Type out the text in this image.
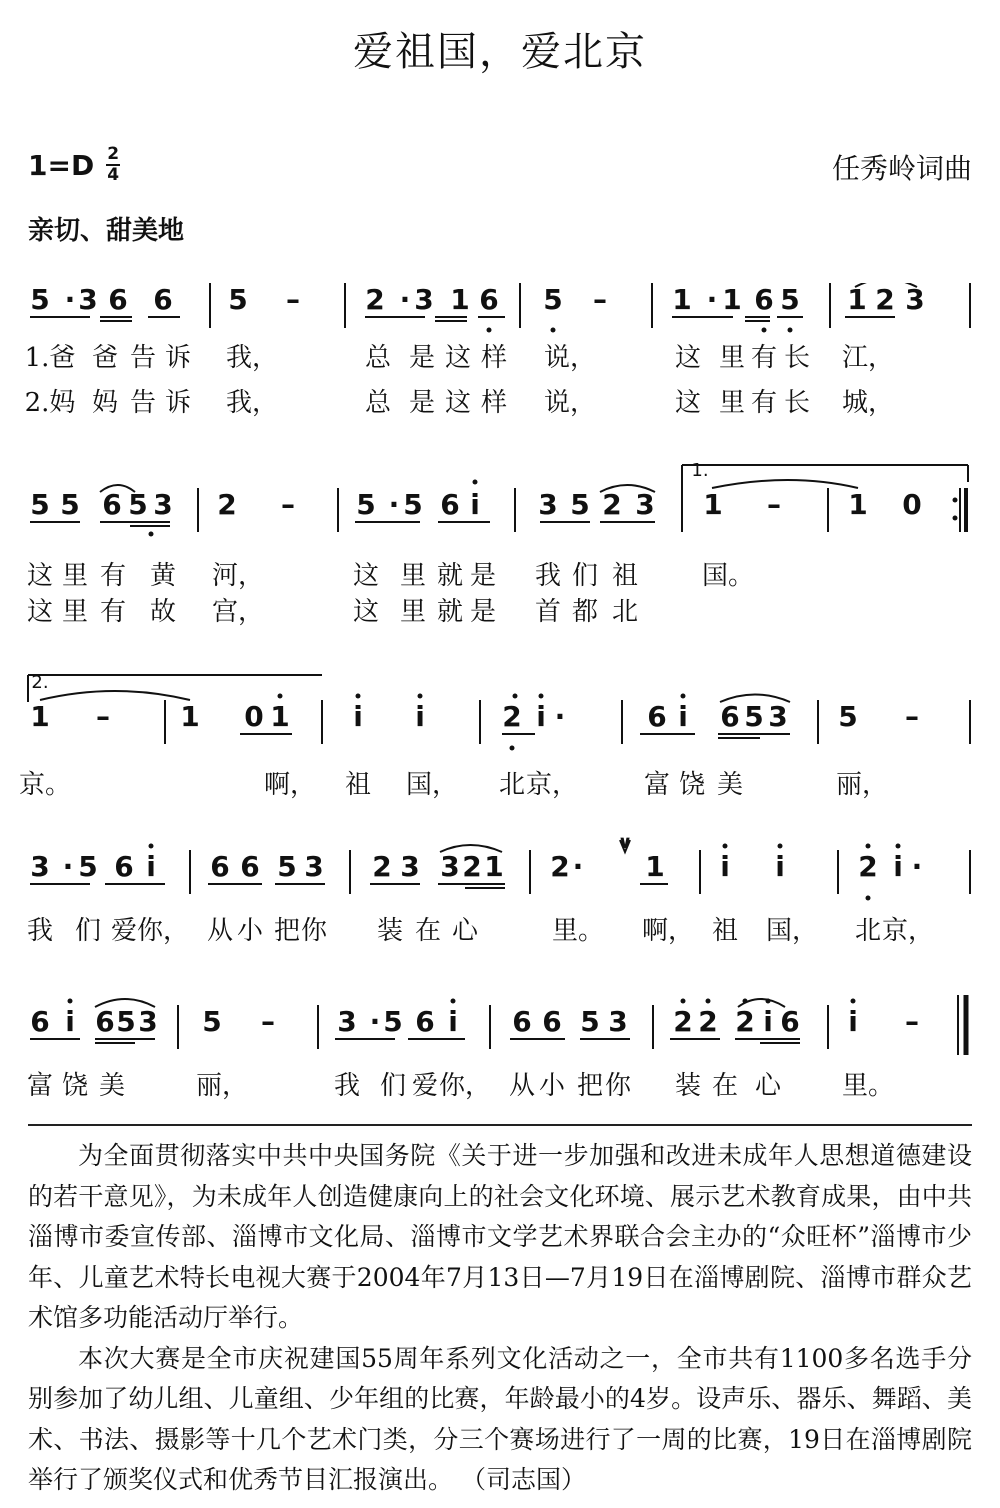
爱祖国，爱北京
1=D 2
4	任秀岭词曲
亲切、甜美地
5 · 3 6 6 5 – 2 · 3 1 6 5 – 1 · 1 6 5 1 2 3
1.爸 爸 告 诉 我，	总 是 这 样 说，	这 里 有 长 江，
2.妈 妈 告 诉 我，	总 是 这 样 说，	这 里 有 长 城，
5 5 6 5 3 2 – 5 · 5 6 i 3 5 2 3 1 – 1 0
1.
这 里 有 黄 河，	这 里 就 是 我 们 祖 国。
这 里 有 故 宫，	这 里 就 是 首 都 北
1 –	1 0 1 i i	2 i ·	6 i 6 5 3 5 –
2.
京。	啊， 祖 国， 北 京，	富 饶 美	丽，
3 · 5 6 i 6 6 5 3 2 3 3 2 1 2 ·
∨
1 i i	2 i ·
我 们 爱 你， 从 小 把 你 装 在 心	里。 啊， 祖 国， 北 京，
6 i 6 5 3 5 – 3 · 5 6 i 6 6 5 3 2 2 2 i 6 i –
富 饶 美	丽，	我 们 爱 你， 从 小 把 你 装 在 心 里。

为全面贯彻落实中共中央国务院《关于进一步加强和改进未成年人思想道德建设的若干意见》，为未成年人创造健康向上的社会文化环境、展示艺术教育成果，由中共淄博市委宣传部、淄博市文化局、淄博市文学艺术界联合会主办的“众旺杯”淄博市少年、儿童艺术特长电视大赛于2004年7月13日—7月19日在淄博剧院、淄博市群众艺术馆多功能活动厅举行。

本次大赛是全市庆祝建国55周年系列文化活动之一，全市共有1100多名选手分别参加了幼儿组、儿童组、少年组的比赛，年龄最小的4岁。设声乐、器乐、舞蹈、美术、书法、摄影等十几个艺术门类，分三个赛场进行了一周的比赛，19日在淄博剧院举行了颁奖仪式和优秀节目汇报演出。 （司志国）
